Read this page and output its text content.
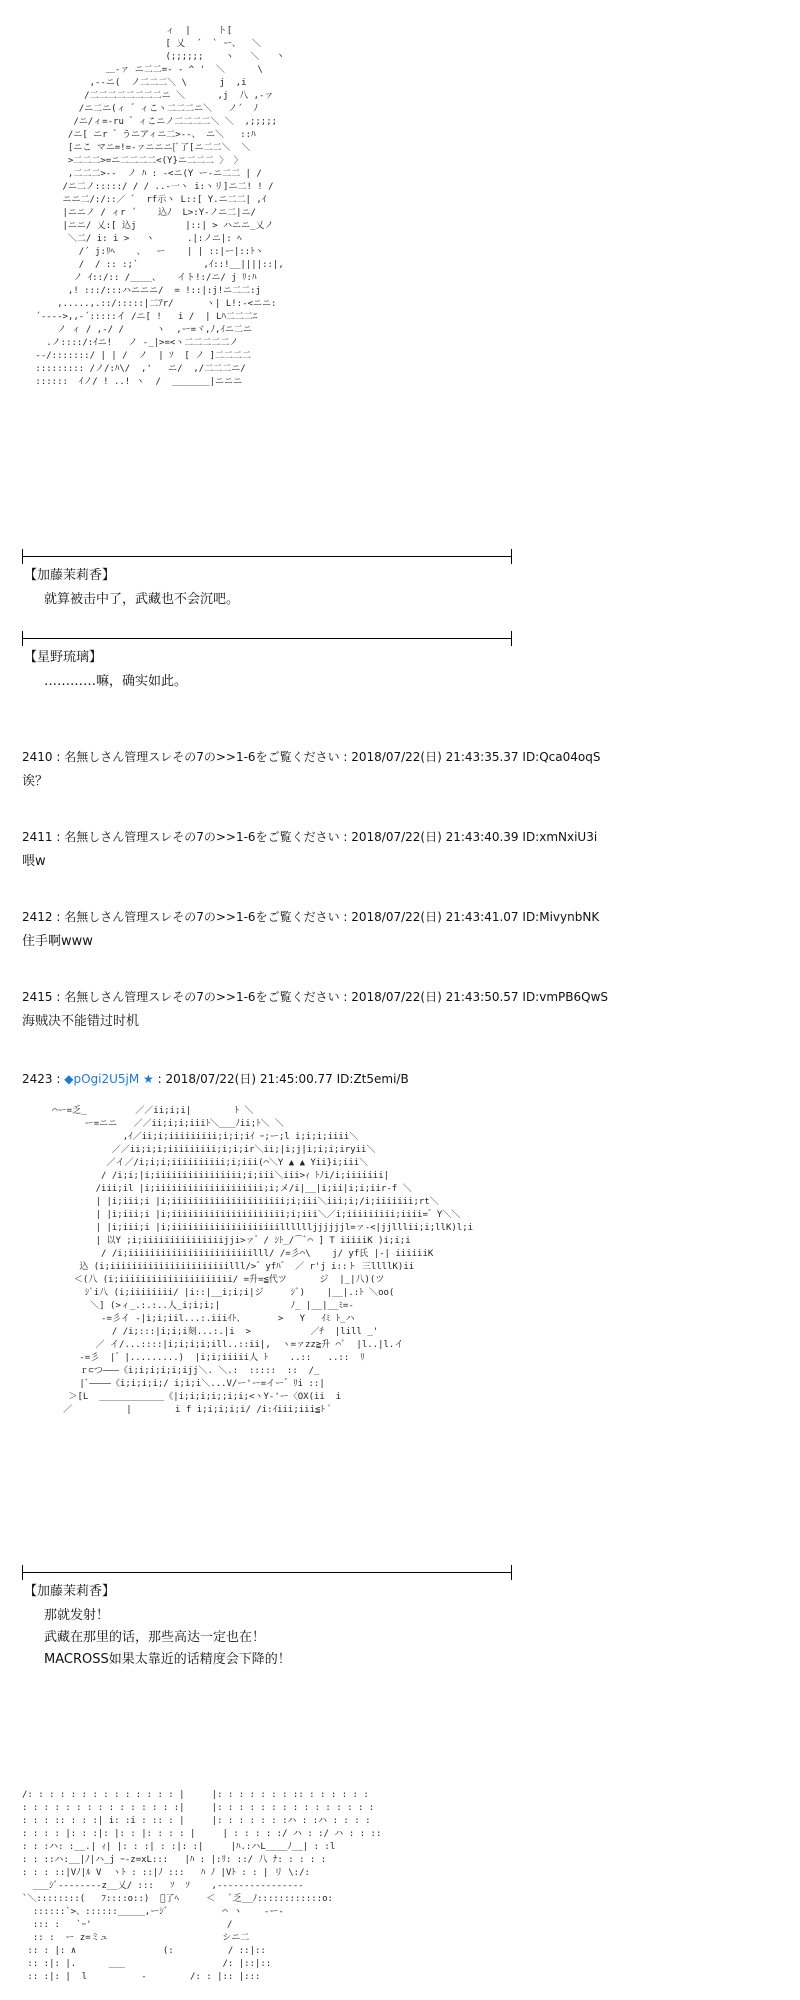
ィ  |     ト[
[ 乂  ´  ` ー、  ＼
(;;;;;;    ヽ   ＼   丶
＿-ァ ニ二二=- ‐ ^ '  ＼      \
,-‐ニ(  ノ二二二＼ \      j  ,i
/二二二二二二二二ニ ＼      ,j  八 ,-ァ
/ニ二ニ(ィ ゛ィこヽ二二二ニ＼   ノ´  ﾉ
/ニ/ィ=-ru ゛ィこニノ二二二二＼ ＼  ,;;;;;
/ニ[ ニr ゛うニアィニ二>--、 ニ＼   ::ﾊ
[ニこ マニ=!=-ァニニニ[ﾞ了[ニ二二＼  ＼
>二二二>=ニ二二二二<(Y}ニ二二二 〉 〉
,二二二>--  ノ ﾊ : -<ニ(Y ー‐ニ二二 | /
/ニ二ノ:::::/ / / ..-一ヽ i:ヽリ]ニ二! ! /
ニニ二/:/::／ ﾞ  rf示ヽ L::[ Y.ニ二二| ,ｲ
|ニニノ / ィr ´    込ﾉ  L>:Y-ノニ二|ニ/
|ニニ/ 乂:[ 込j         |::| > ハニニ_乂ノ
＼二/ i: i >   ヽ      .|:ノニ|: ﾍ
/´ j:ﾘﾍ    、  ー    | | ::|ー|::ﾄヽ
/  / :: :;`            ,ｲ::!__||||::|,
ノ ｲ::/:: /____、   イト!:/ニ/ j ﾘ:ﾊ
,! :::/:::ハニニニ/  = !::|:j!ニ二二:j
,.....,.::/:::::|二ｱr/      ヽ| L!:-<ニニ:
´---->,,-´:::::イ /ニ[ !   i /  | Lﾊ二二二ﾆ
ノ ィ / ,-/ /      ヽ  ,ー=ヾ,ﾉ,ｲニ二ニ
.ノ::::/:ｲニ!   ノ -_|>=<ヽ二二二二二ノ
--/:::::::/ | | /  ノ  | ｿ  [ ノ ]二二二二
::::::::: /ノ/:ﾊ\/  ,'   ニ/  ,/二二二ニ/
::::::  ｲノ/ ! ..! ヽ  /  _______|ニニニ
【加藤茉莉香】
就算被击中了，武藏也不会沉吧。
【星野琉璃】
…………嘛，确实如此。
2410 : 名無しさん管理スレその7の>>1-6をご覧ください : 2018/07/22(日) 21:43:35.37 ID:Qca04oqS
诶？
2411 : 名無しさん管理スレその7の>>1-6をご覧ください : 2018/07/22(日) 21:43:40.39 ID:xmNxiU3i
喂w
2412 : 名無しさん管理スレその7の>>1-6をご覧ください : 2018/07/22(日) 21:43:41.07 ID:MivynbNK
住手啊www
2415 : 名無しさん管理スレその7の>>1-6をご覧ください : 2018/07/22(日) 21:43:50.57 ID:vmPB6QwS
海贼决不能错过时机
2423 : ◆pOgi2U5jM ★ : 2018/07/22(日) 21:45:00.77 ID:Zt5emi/B
⌒ー=乏_         ／／ii;i;i|        ﾄ ＼
ー=ニニ   ／／ii;i;i;iiiﾄ＼___ﾉii;ﾄ＼ ＼
,ｲ／ii;i;iiiiiiiii;i;i;iｲ ｰ;ー;l i;i;i;iiii＼
／／ii;i;i;iiiiiiiii;i;i;ir＼ii;|i;j|i;i;i;iryii＼
／イ／/i;i;i;iiiiiiiiii;i;iii(⌒＼Y ▲ ▲ Yii}i;iii＼
/ /i;i;|i;iiiiiiiiiiiiiiii;i;iii＼iii>ｨ ﾄﾉi/i;iiiiiii|
/iii;il |i;iiiiiiiiiiiiiiiiiiii;i;メ/i|__|i;ii|i;i;iir-f ＼
| |i;iii;i |i;iiiiiiiiiiiiiiiiiiiii;i;iii＼iii;i;/i;iiiiiii;rt＼
| |i;iii;i |i;iiiiiiiiiiiiiiiiiiiii;i;iii＼／i;iiiiiiiii;iiii=゛Y＼＼
| |i;iii;i |i;iiiiiiiiiiiiiiiiiiiilllllljjjjjjl=ァ-<|jjlllii;i;llK)l;i
| 以Y ;i;iiiiiiiiiiiiiiijji>ァ゛/ ｼﾄ_/⌒ﾞ⌒ ] T iiiiiK )i;i;i
/ /i;iiiiiiiiiiiiiiiiiiiiiiilll/ /=彡⌒\    j/ yf氏 |-| iiiiiiK
込 (i;iiiiiiiiiiiiiiiiiiiiiilll/>゛yfﾊ゛ ／ r'j i::ト 三llllK)ii
＜(八 (i;iiiiiiiiiiiiiiiiiiiii/ =升=≦代ツ      ジ  |_|八)(ツ
ｼﾞi八 (i;iiiiiiii/ |i::|__i;i;i|ジ     ｼﾞ)    |__|.:ﾄ ＼oo(
＼] (>ィ_.:.:..人_i;i;i;|             ﾉ_ |__|__ﾐ=-
-=彡イ -|i;i;iil...:.iiiｲﾄ、      >   Y   ｲﾐ ﾄ_ハ
/ /i;:::|i;i;i刻...:.|i  >           ／ﾁ  |lill _'
／ イ/...::::|i;i;i;i;ill..::ii|,  ヽ=ァzz≧升 ⌒ﾞ  |l..|l.イ
-=彡  |゛|.........)  |i;i;iiiii人 ﾄ    ..::   ..::  ﾘ
ｒ⊂つ———《i;i;i;i;i;ijj＼. ＼.:  :::::  ::  /_
|ﾞ————《i;i;i;i;/ i;i;i＼...V/ー'ー=イー゛ﾘi ::|
＞[L  ____________《|i;i;i;i;;i;i;<ヽY-'ー〈OX(ii  i
／          |        i f i;i;i;i;i/ /i:ｲiii;iii≦ﾄ ﾞ
【加藤茉莉香】
那就发射！
武藏在那里的话，那些高达一定也在！
MACROSS如果太靠近的话精度会下降的！
/: : : : : : : : : : : : : : |     |: : : : : : : :: : : : : : :
: : : : : : : : : : : : : : :|     |: : : : : : : : : : : : : : :
: : : :: : : :| i: :i : :: : |     |: : : : : : :ハ : :ハ : : : :
: : : : |: : :|: |: : |: : : : |     | : : : : :/ ハ : :/ ハ : : ::
: : :ハ: :__.| ｨ| |: : :| : :|: :|     |ﾊ.:ハL____ﾉ__| : :l
: : ::ハ:__|ﾉ|ハ_j ｰ-z=xL:::   |ﾊ : |:ﾘ: ::/ 八 ﾅ: : : : :
: : : ::|Vﾉ|ﾙ V  ヽﾄ : ::|ﾉ :::   ﾊ ﾉ |Vﾄ : : | リ \:/:
___ｼﾞ--------z__乂/ :::   ｿ  ｿ    ,----------------
`＼::::::::(   ﾌ::::o::)  ﾞ了ﾍ     ＜   ﾞ乏__ﾉ::::::::::::o:
::::::`>、::::::_____,ーｼﾞ          ⌒ ヽ    ‐ー‐
::: :   `ｰ'                         /
:: :  ー z=ミュ                     シニ二
:: : |: ∧                (:          / ::|::
:: :|: |.      ___                  /: |::|::
:: :|: |  l          ‐        /: : |:: |:::
